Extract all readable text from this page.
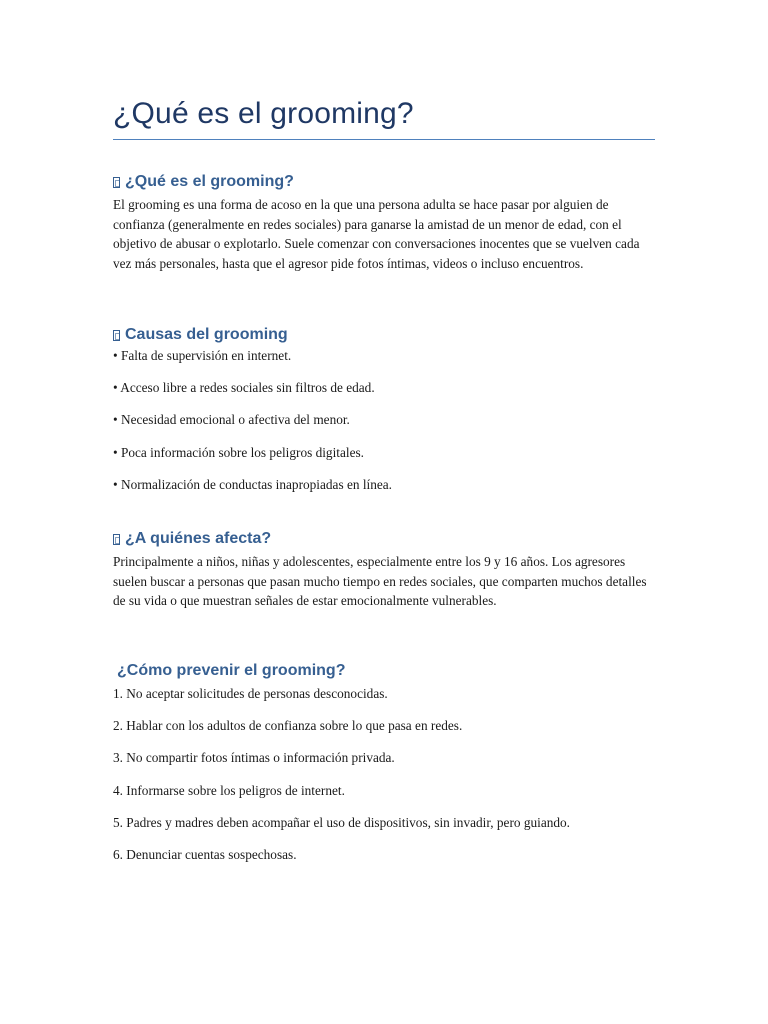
¿Qué es el grooming?
¿Qué es el grooming?

El grooming es una forma de acoso en la que una persona adulta se hace pasar por alguien de confianza (generalmente en redes sociales) para ganarse la amistad de un menor de edad, con el objetivo de abusar o explotarlo. Suele comenzar con conversaciones inocentes que se vuelven cada vez más personales, hasta que el agresor pide fotos íntimas, videos o incluso encuentros.

Causas del grooming
• Falta de supervisión en internet.
• Acceso libre a redes sociales sin filtros de edad.
• Necesidad emocional o afectiva del menor.
• Poca información sobre los peligros digitales.
• Normalización de conductas inapropiadas en línea.
¿A quiénes afecta?

Principalmente a niños, niñas y adolescentes, especialmente entre los 9 y 16 años. Los agresores suelen buscar a personas que pasan mucho tiempo en redes sociales, que comparten muchos detalles de su vida o que muestran señales de estar emocionalmente vulnerables.

¿Cómo prevenir el grooming?
1. No aceptar solicitudes de personas desconocidas.
2. Hablar con los adultos de confianza sobre lo que pasa en redes.
3. No compartir fotos íntimas o información privada.
4. Informarse sobre los peligros de internet.
5. Padres y madres deben acompañar el uso de dispositivos, sin invadir, pero guiando.
6. Denunciar cuentas sospechosas.
